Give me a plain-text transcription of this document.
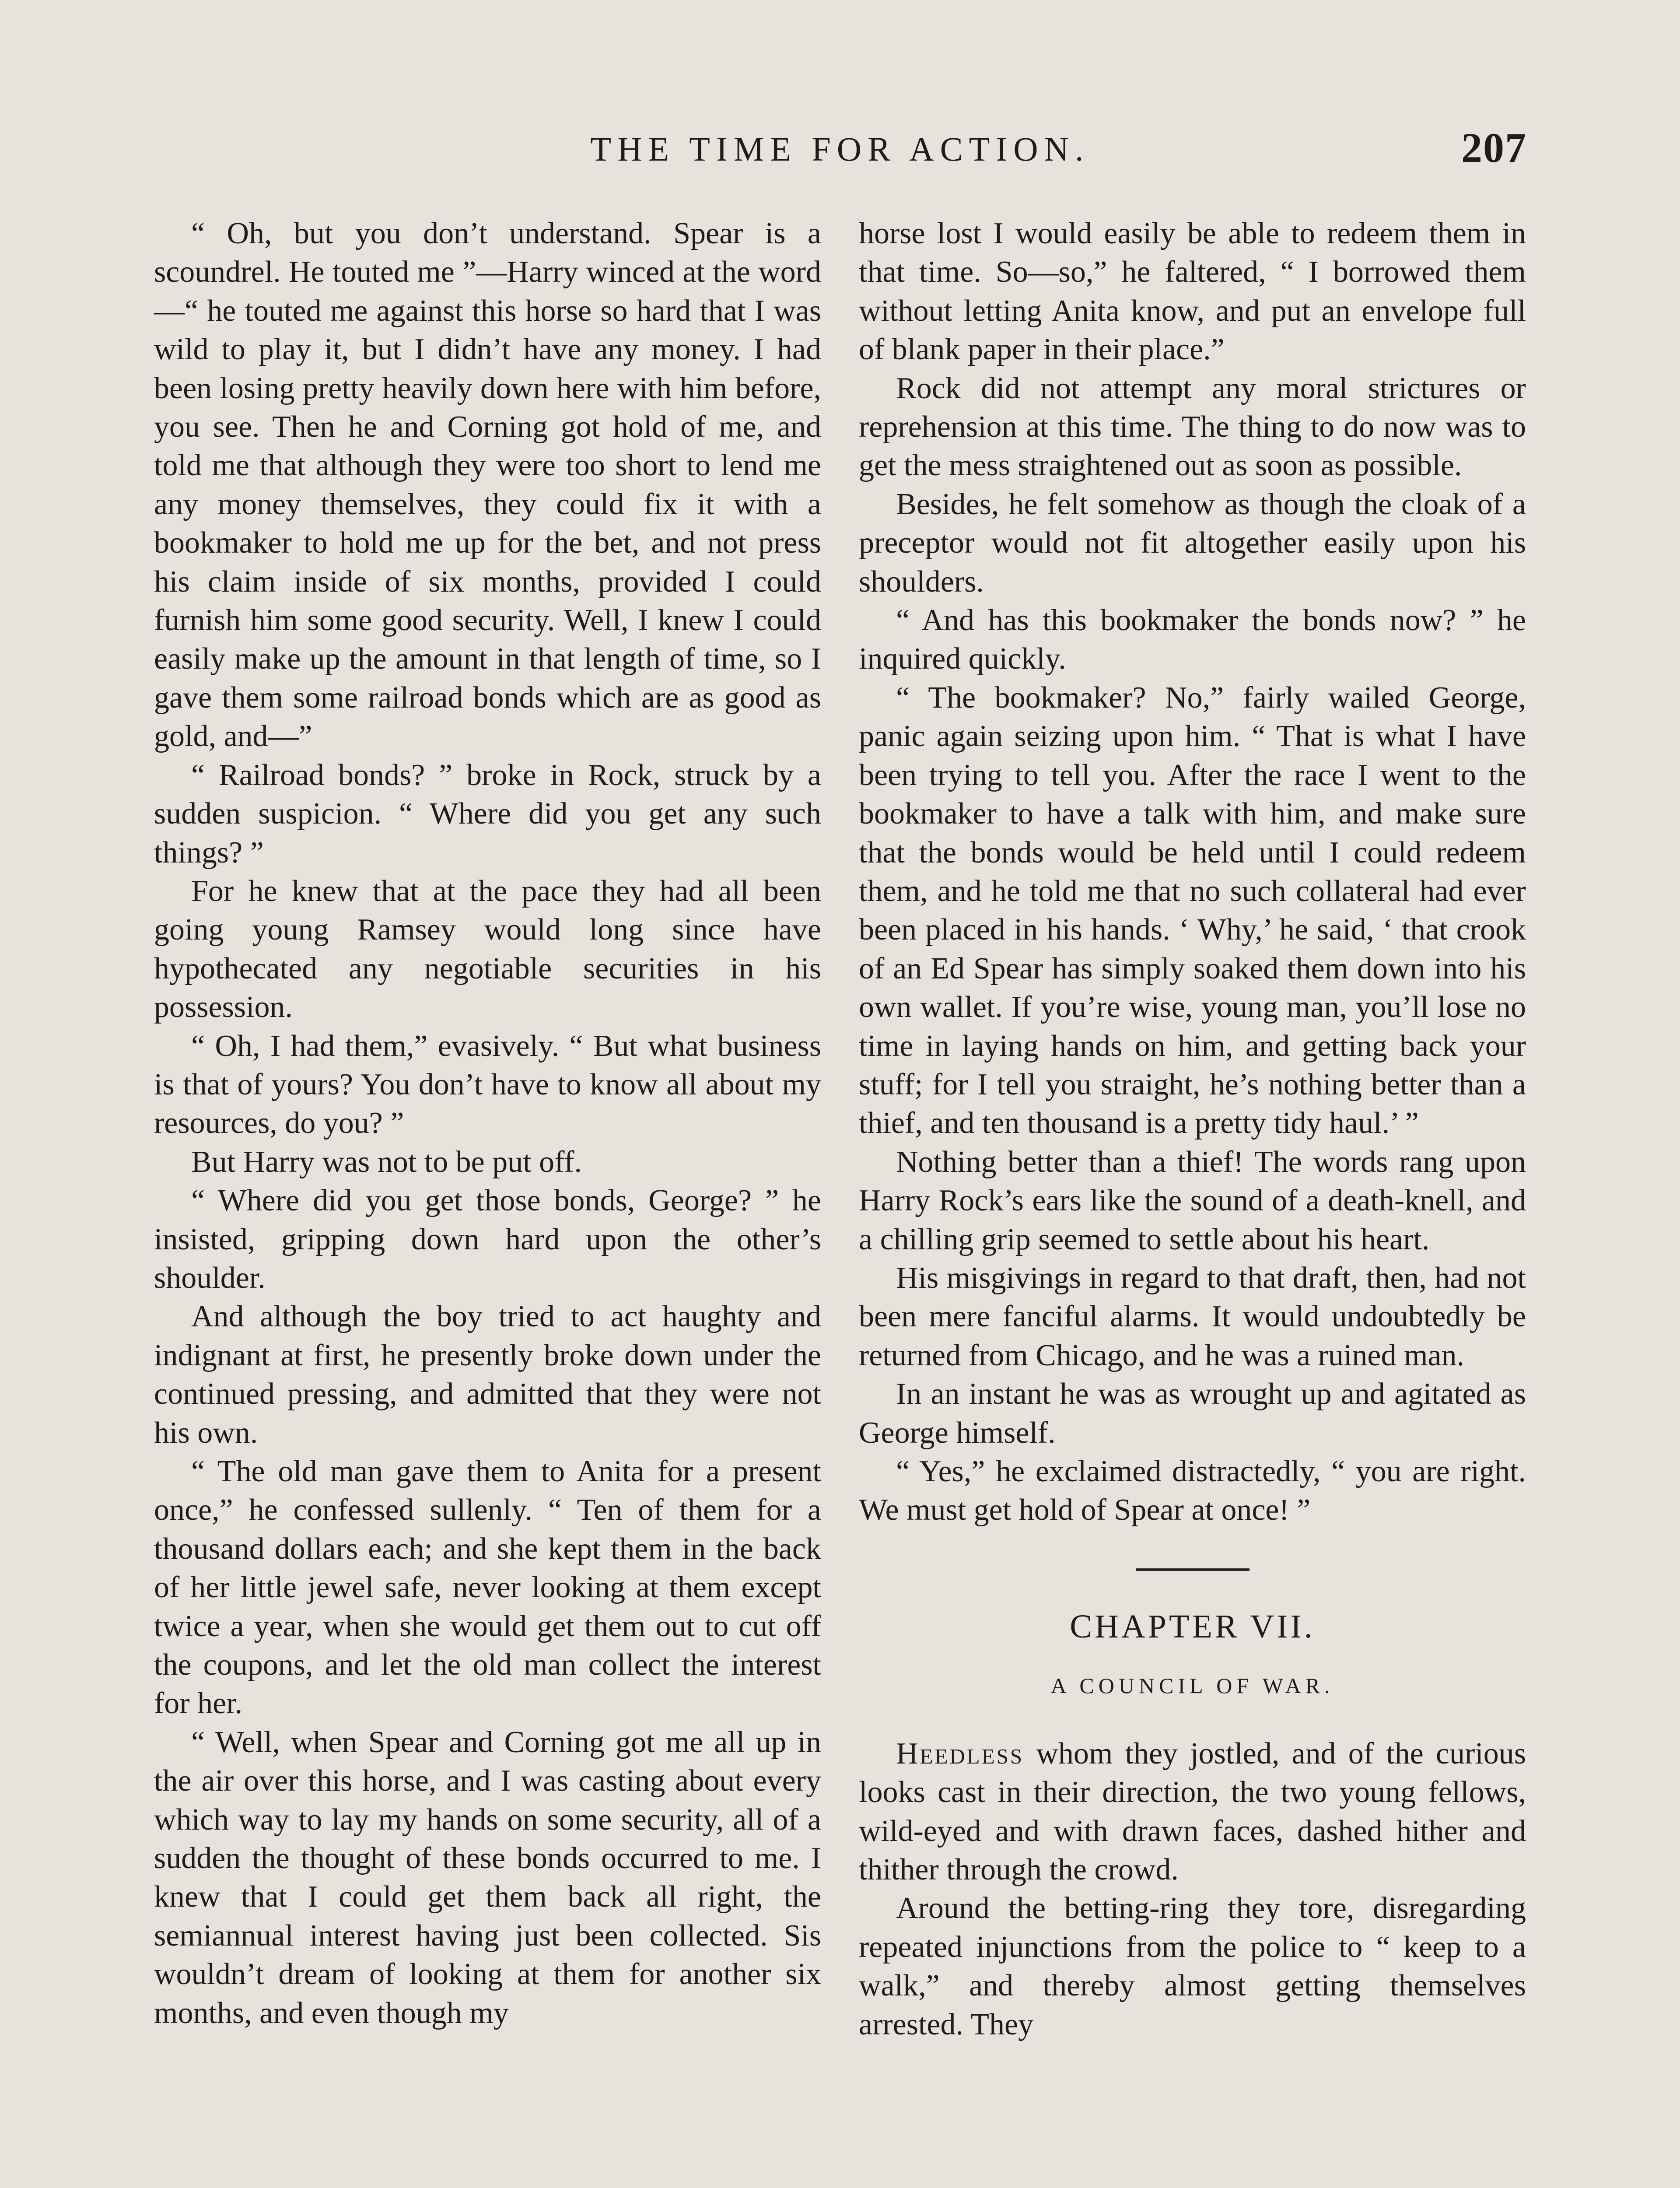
THE TIME FOR ACTION.	207

“ Oh, but you don’t understand. Spear is a scoundrel. He touted me ”—Harry winced at the word—“ he touted me against this horse so hard that I was wild to play it, but I didn’t have any money. I had been losing pretty heavily down here with him before, you see. Then he and Corning got hold of me, and told me that although they were too short to lend me any money themselves, they could fix it with a bookmaker to hold me up for the bet, and not press his claim inside of six months, provided I could furnish him some good security. Well, I knew I could easily make up the amount in that length of time, so I gave them some railroad bonds which are as good as gold, and—”

“ Railroad bonds? ” broke in Rock, struck by a sudden suspicion. “ Where did you get any such things? ”

For he knew that at the pace they had all been going young Ramsey would long since have hypothecated any negotiable securities in his possession.

“ Oh, I had them,” evasively. “ But what business is that of yours? You don’t have to know all about my resources, do you? ”

But Harry was not to be put off.

“ Where did you get those bonds, George? ” he insisted, gripping down hard upon the other’s shoulder.

And although the boy tried to act haughty and indignant at first, he presently broke down under the continued pressing, and admitted that they were not his own.

“ The old man gave them to Anita for a present once,” he confessed sullenly. “ Ten of them for a thousand dollars each; and she kept them in the back of her little jewel safe, never looking at them except twice a year, when she would get them out to cut off the coupons, and let the old man collect the interest for her.

“ Well, when Spear and Corning got me all up in the air over this horse, and I was casting about every which way to lay my hands on some security, all of a sudden the thought of these bonds occurred to me. I knew that I could get them back all right, the semiannual interest having just been collected. Sis wouldn’t dream of looking at them for another six months, and even though my

horse lost I would easily be able to redeem them in that time. So—so,” he faltered, “ I borrowed them without letting Anita know, and put an envelope full of blank paper in their place.”

Rock did not attempt any moral strictures or reprehension at this time. The thing to do now was to get the mess straightened out as soon as possible.

Besides, he felt somehow as though the cloak of a preceptor would not fit altogether easily upon his shoulders.

“ And has this bookmaker the bonds now? ” he inquired quickly.

“ The bookmaker? No,” fairly wailed George, panic again seizing upon him. “ That is what I have been trying to tell you. After the race I went to the bookmaker to have a talk with him, and make sure that the bonds would be held until I could redeem them, and he told me that no such collateral had ever been placed in his hands. ‘ Why,’ he said, ‘ that crook of an Ed Spear has simply soaked them down into his own wallet. If you’re wise, young man, you’ll lose no time in laying hands on him, and getting back your stuff; for I tell you straight, he’s nothing better than a thief, and ten thousand is a pretty tidy haul.’ ”

Nothing better than a thief! The words rang upon Harry Rock’s ears like the sound of a death-knell, and a chilling grip seemed to settle about his heart.

His misgivings in regard to that draft, then, had not been mere fanciful alarms. It would undoubtedly be returned from Chicago, and he was a ruined man.

In an instant he was as wrought up and agitated as George himself.

“ Yes,” he exclaimed distractedly, “ you are right. We must get hold of Spear at once! ”

CHAPTER VII.
A COUNCIL OF WAR.

Heedless whom they jostled, and of the curious looks cast in their direction, the two young fellows, wild-eyed and with drawn faces, dashed hither and thither through the crowd.

Around the betting-ring they tore, disregarding repeated injunctions from the police to “ keep to a walk,” and thereby almost getting themselves arrested. They
